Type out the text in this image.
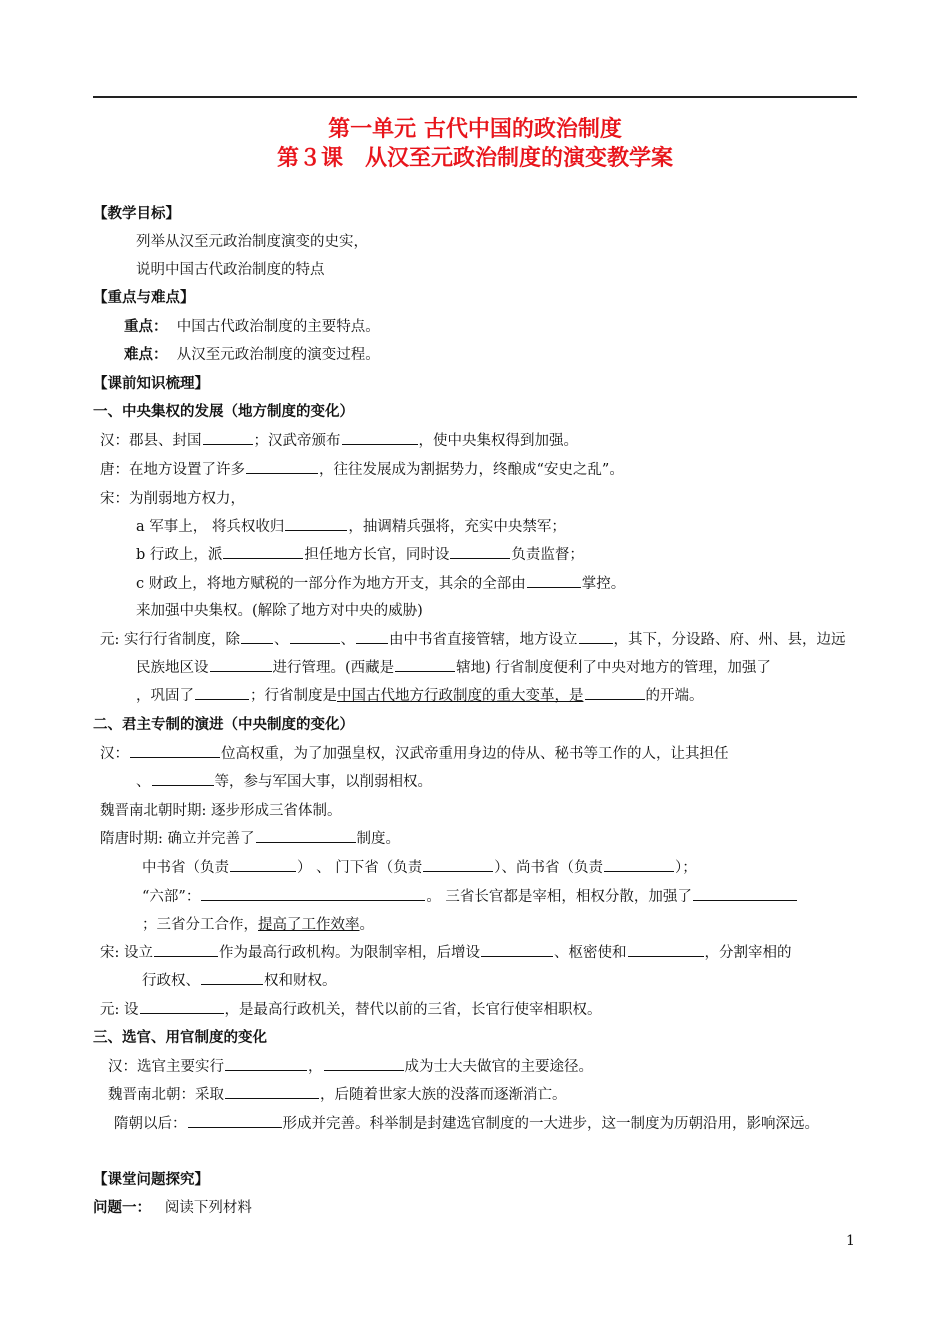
第一单元 古代中国的政治制度
第３课　从汉至元政治制度的演变教学案
【教学目标】
列举从汉至元政治制度演变的史实，
说明中国古代政治制度的特点
【重点与难点】
重点： 中国古代政治制度的主要特点。
难点： 从汉至元政治制度的演变过程。
【课前知识梳理】
一、中央集权的发展（地方制度的变化）
汉：郡县、封国	；汉武帝颁布	，使中央集权得到加强。
唐：在地方设置了许多	，往往发展成为割据势力，终酿成“安史之乱”。
宋：为削弱地方权力，
a 军事上， 将兵权收归	，抽调精兵强将，充实中央禁军；
b 行政上，派	担任地方长官，同时设	负责监督；
c 财政上，将地方赋税的一部分作为地方开支，其余的全部由	掌控。
来加强中央集权。(解除了地方对中央的威胁)
元: 实行行省制度，除 、	、 由中书省直接管辖，地方设立 ，其下，分设路、府、州、县，边远
民族地区设	进行管理。(西藏是	辖地) 行省制度便利了中央对地方的管理，加强了
，巩固了	；行省制度是中国古代地方行政制度的重大变革，是	的开端。
二、君主专制的演进（中央制度的变化）
汉：	位高权重，为了加强皇权，汉武帝重用身边的侍从、秘书等工作的人，让其担任
、	等，参与军国大事，以削弱相权。
魏晋南北朝时期: 逐步形成三省体制。
隋唐时期: 确立并完善了	制度。
中书省（负责	） 、 门下省（负责	）、尚书省（负责	）；
“六部”：	。 三省长官都是宰相，相权分散，加强了
；三省分工合作，提高了工作效率。
宋: 设立	作为最高行政机构。为限制宰相，后增设	、枢密使和	，分割宰相的
行政权、	权和财权。
元: 设	，是最高行政机关，替代以前的三省，长官行使宰相职权。
三、选官、用官制度的变化
汉：选官主要实行	，	成为士大夫做官的主要途径。
魏晋南北朝：采取	，后随着世家大族的没落而逐渐消亡。
隋朝以后：	形成并完善。科举制是封建选官制度的一大进步，这一制度为历朝沿用，影响深远。
【课堂问题探究】
问题一： 阅读下列材料
1
